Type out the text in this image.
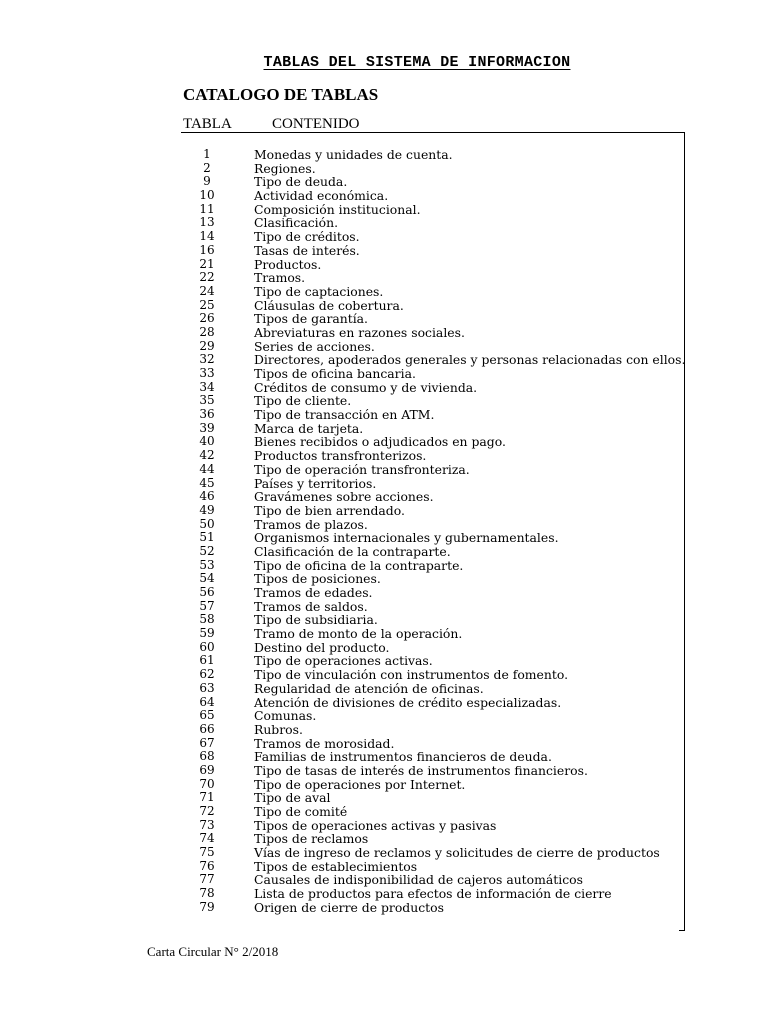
TABLAS DEL SISTEMA DE INFORMACION
CATALOGO DE TABLAS
TABLA	CONTENIDO
1	Monedas y unidades de cuenta.
2	Regiones.
9	Tipo de deuda.
10	Actividad económica.
11	Composición institucional.
13	Clasificación.
14	Tipo de créditos.
16	Tasas de interés.
21	Productos.
22	Tramos.
24	Tipo de captaciones.
25	Cláusulas de cobertura.
26	Tipos de garantía.
28	Abreviaturas en razones sociales.
29	Series de acciones.
32	Directores, apoderados generales y personas relacionadas con ellos.
33	Tipos de oficina bancaria.
34	Créditos de consumo y de vivienda.
35	Tipo de cliente.
36	Tipo de transacción en ATM.
39	Marca de tarjeta.
40	Bienes recibidos o adjudicados en pago.
42	Productos transfronterizos.
44	Tipo de operación transfronteriza.
45	Países y territorios.
46	Gravámenes sobre acciones.
49	Tipo de bien arrendado.
50	Tramos de plazos.
51	Organismos internacionales y gubernamentales.
52	Clasificación de la contraparte.
53	Tipo de oficina de la contraparte.
54	Tipos de posiciones.
56	Tramos de edades.
57	Tramos de saldos.
58	Tipo de subsidiaria.
59	Tramo de monto de la operación.
60	Destino del producto.
61	Tipo de operaciones activas.
62	Tipo de vinculación con instrumentos de fomento.
63	Regularidad de atención de oficinas.
64	Atención de divisiones de crédito especializadas.
65	Comunas.
66	Rubros.
67	Tramos de morosidad.
68	Familias de instrumentos financieros de deuda.
69	Tipo de tasas de interés de instrumentos financieros.
70	Tipo de operaciones por Internet.
71	Tipo de aval
72	Tipo de comité
73	Tipos de operaciones activas y pasivas
74	Tipos de reclamos
75	Vías de ingreso de reclamos y solicitudes de cierre de productos
76	Tipos de establecimientos
77	Causales de indisponibilidad de cajeros automáticos
78	Lista de productos para efectos de información de cierre
79	Origen de cierre de productos
Carta Circular N° 2/2018
